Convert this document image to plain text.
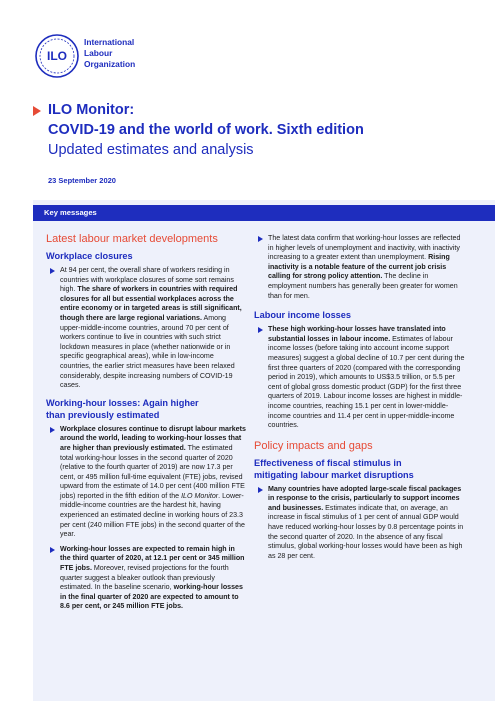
ILO
International
Labour
Organization
ILO Monitor:
COVID-19 and the world of work. Sixth edition
Updated estimates and analysis
23 September 2020
Key messages
Latest labour market developments
Workplace closures
At 94 per cent, the overall share of workers residing in countries with workplace closures of some sort remains high. The share of workers in countries with required closures for all but essential workplaces across the entire economy or in targeted areas is still significant, though there are large regional variations. Among upper-middle-income countries, around 70 per cent of workers continue to live in countries with such strict lockdown measures in place (whether nationwide or in specific geographical areas), while in low-income countries, the earlier strict measures have been relaxed considerably, despite increasing numbers of COVID-19 cases.
Working-hour losses: Again higher
than previously estimated
Workplace closures continue to disrupt labour markets around the world, leading to working-hour losses that are higher than previously estimated. The estimated total working-hour losses in the second quarter of 2020 (relative to the fourth quarter of 2019) are now 17.3 per cent, or 495 million full-time equivalent (FTE) jobs, revised upward from the estimate of 14.0 per cent (400 million FTE jobs) reported in the fifth edition of the ILO Monitor. Lower-middle-income countries are the hardest hit, having experienced an estimated decline in working hours of 23.3 per cent (240 million FTE jobs) in the second quarter of the year.
Working-hour losses are expected to remain high in the third quarter of 2020, at 12.1 per cent or 345 million FTE jobs. Moreover, revised projections for the fourth quarter suggest a bleaker outlook than previously estimated. In the baseline scenario, working-hour losses in the final quarter of 2020 are expected to amount to 8.6 per cent, or 245 million FTE jobs.
The latest data confirm that working-hour losses are reflected in higher levels of unemployment and inactivity, with inactivity increasing to a greater extent than unemployment. Rising inactivity is a notable feature of the current job crisis calling for strong policy attention. The decline in employment numbers has generally been greater for women than for men.
Labour income losses
These high working-hour losses have translated into substantial losses in labour income. Estimates of labour income losses (before taking into account income support measures) suggest a global decline of 10.7 per cent during the first three quarters of 2020 (compared with the corresponding period in 2019), which amounts to US$3.5 trillion, or 5.5 per cent of global gross domestic product (GDP) for the first three quarters of 2019. Labour income losses are highest in middle-income countries, reaching 15.1 per cent in lower-middle-income countries and 11.4 per cent in upper-middle-income countries.
Policy impacts and gaps
Effectiveness of fiscal stimulus in
mitigating labour market disruptions
Many countries have adopted large-scale fiscal packages in response to the crisis, particularly to support incomes and businesses. Estimates indicate that, on average, an increase in fiscal stimulus of 1 per cent of annual GDP would have reduced working-hour losses by 0.8 percentage points in the second quarter of 2020. In the absence of any fiscal stimulus, global working-hour losses would have been as high as 28 per cent.
